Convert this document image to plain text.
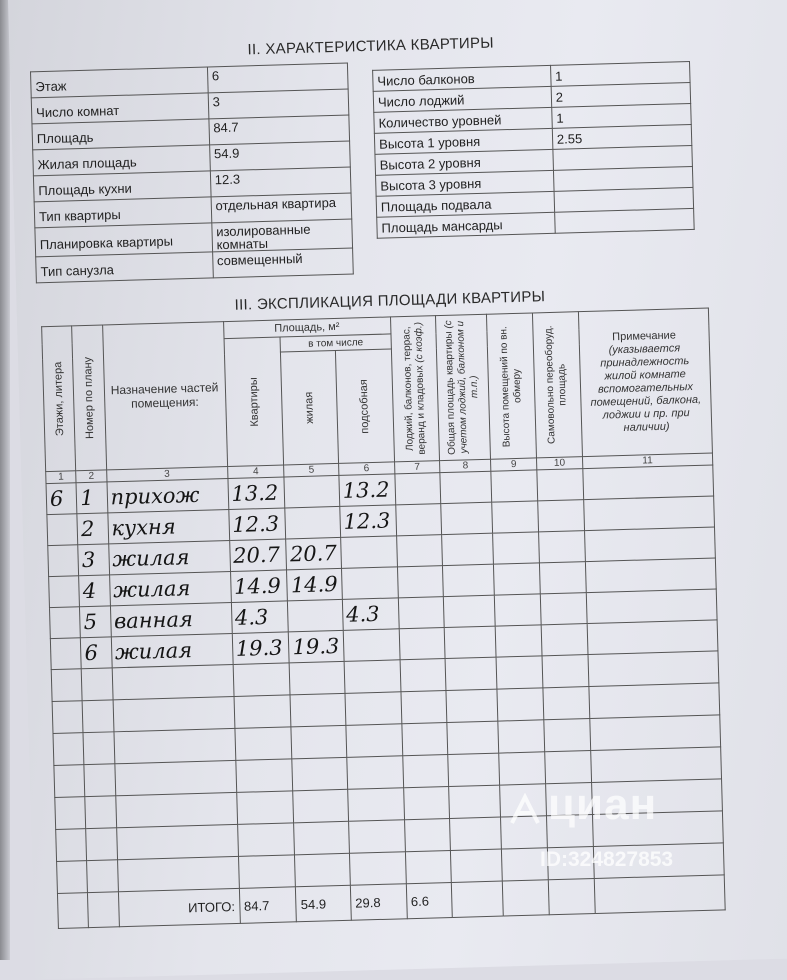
II. ХАРАКТЕРИСТИКА КВАРТИРЫ
Этаж	6
Число комнат	3
Площадь	84.7
Жилая площадь	54.9
Площадь кухни	12.3
Тип квартиры	отдельная квартира
Планировка квартиры	изолированные комнаты
Тип санузла	совмещенный
Число балконов	1
Число лоджий	2
Количество уровней	1
Высота 1 уровня	2.55
Высота 2 уровня	
Высота 3 уровня	
Площадь подвала	
Площадь мансарды	
III. ЭКСПЛИКАЦИЯ ПЛОЩАДИ КВАРТИРЫ
Этажи, литера	Номер по плану	Назначение частей помещения:	Площадь, м²			Лоджий, балконов, террас, веранд и кладовых (с коэф.)	Общая площадь квартиры (с учетом лоджий, балконом и т.п.)	Высота помещений по вн. обмеру	Самовольно переоборуд. площадь	Примечание
(указывается принадлежность жилой комнате вспомогательных помещений, балкона, лоджии и пр. при наличии)

			Квартиры	в том числе						

				жилая	подсобная					

1	2	3	4	5	6	7	8	9	10	11
6	1	прихож	13.2		13.2					
	2	кухня	12.3		12.3					
	3	жилая	20.7	20.7						
	4	жилая	14.9	14.9						
	5	ванная	4.3		4.3					
	6	жилая	19.3	19.3						

		ИТОГО:	84.7	54.9	29.8	6.6				
циан
ID:324827853
